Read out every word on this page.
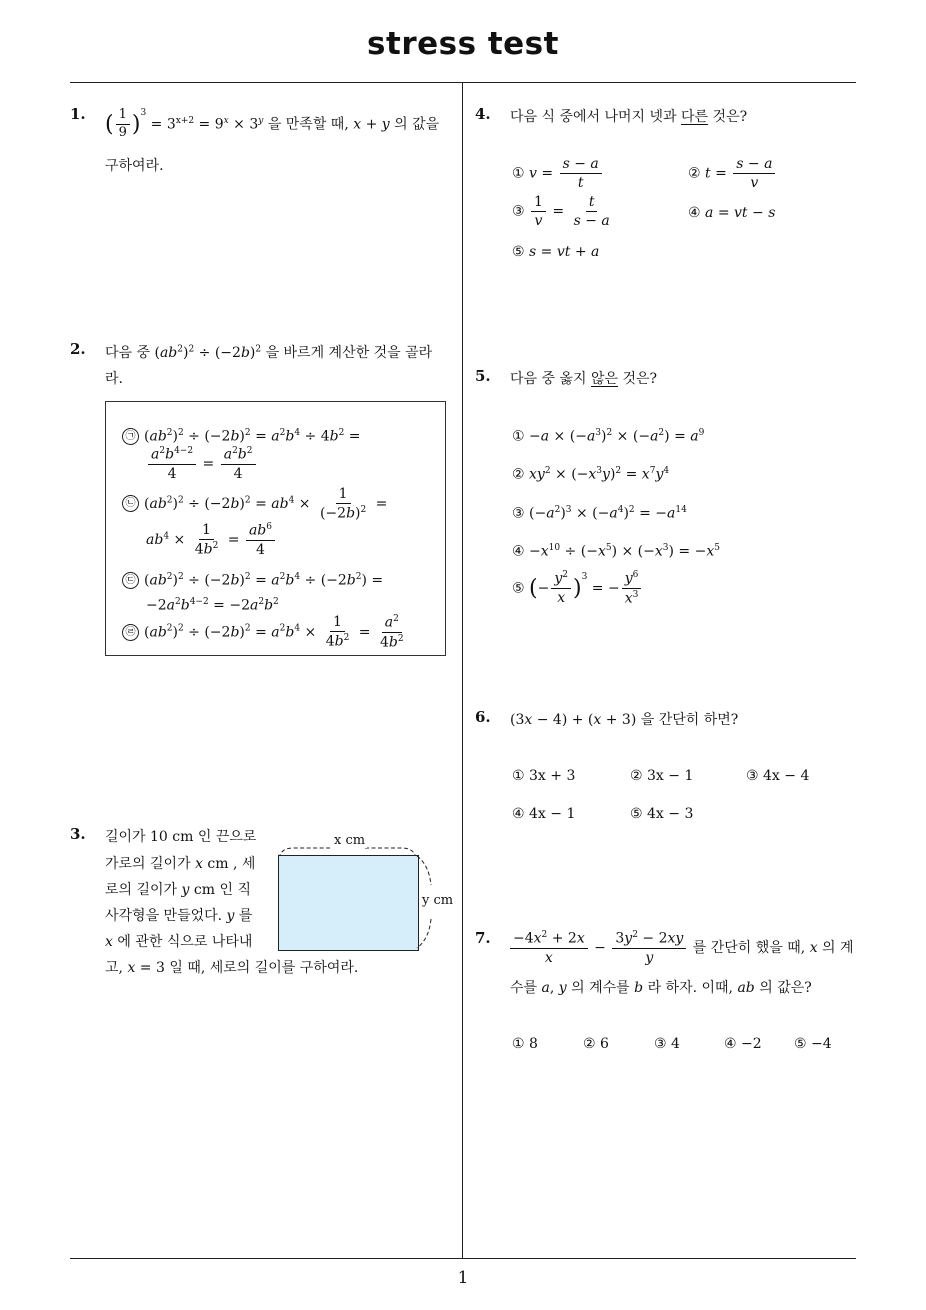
stress test
1
1. ( $\frac{1}{9} )^3 = 3^{x+2} = 9^x \times 3^y$ 을 만족할 때, x + y 의 값을
구하여라.
2. 다음 중 $(ab^2)^2 \div (-2b)^2$ 을 바르게 계산한 것을 골라
라.
㉠ $(ab^2)^2 \div (-2b)^2 = a^2b^4 \div 4b^2$ =
$\frac{a^2b^{4-2}}{4} = \frac{a^2b^2}{4}$
㉡ $(ab^2)^2 \div (-2b)^2 = ab^4 \times \frac{1}{(-2b)^2}$ =
$ab^4 \times \frac{1}{4b^2} = \frac{ab^6}{4}$
㉢ $(ab^2)^2 \div (-2b)^2 = a^2b^4 \div (-2b^2)$ =
$-2a^2b^{4-2} = -2a^2b^2$
㉣ $(ab^2)^2 \div (-2b)^2 = a^2b^4 \times \frac{1}{4b^2} = \frac{a^2}{4b^2}$
3. 길이가 10 cm 인 끈으로
가로의 길이가 x cm , 세
로의 길이가 y cm 인 직
사각형을 만들었다. y 를
x 에 관한 식으로 나타내
고, x = 3 일 때, 세로의 길이를 구하여라.
x cm
y cm
4. 다음 식 중에서 나머지 넷과 다른 것은?
① $v = \frac{s - a}{t}$	② $t = \frac{s - a}{v}$
③ $\frac{1}{v} = \frac{t}{s - a}$	④ a = vt − s
⑤ s = vt + a
5. 다음 중 옳지 않은 것은?
① $-a \times (-a^3)^2 \times (-a^2) = a^9$
② $xy^2 \times (-x^3y)^2 = x^7y^4$
③ $(-a^2)^3 \times (-a^4)^2 = -a^{14}$
④ $-x^{10} \div (-x^5) \times (-x^3) = -x^5$
⑤ (− $\frac{y^2}{x} )^3$ = − $\frac{y^6}{x^3}$
6. (3x − 4) + (x + 3) 을 간단히 하면?
① 3x + 3	② 3x − 1	③ 4x − 4
④ 4x − 1	⑤ 4x − 3
7. $\frac{-4x^2 + 2x}{x} - \frac{3y^2 - 2xy}{y}$ 를 간단히 했을 때, x 의 계
수를 a, y 의 계수를 b 라 하자. 이때, ab 의 값은?
① 8	② 6	③ 4	④ −2 ⑤ −4
